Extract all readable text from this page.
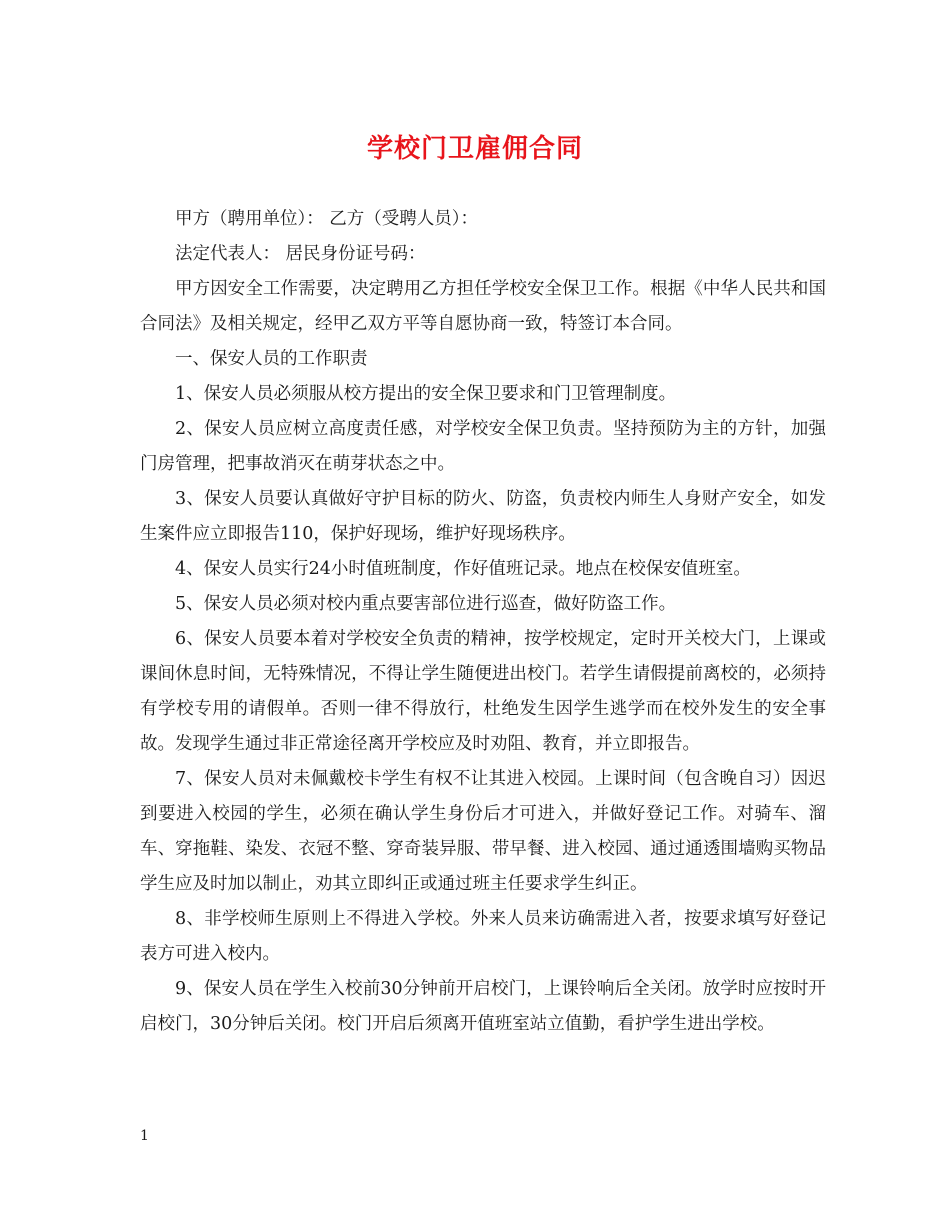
学校门卫雇佣合同

甲方（聘用单位）： 乙方（受聘人员）：

法定代表人： 居民身份证号码：

甲方因安全工作需要，决定聘用乙方担任学校安全保卫工作。根据《中华人民共和国合同法》及相关规定，经甲乙双方平等自愿协商一致，特签订本合同。

一、保安人员的工作职责

1、保安人员必须服从校方提出的安全保卫要求和门卫管理制度。

2、保安人员应树立高度责任感，对学校安全保卫负责。坚持预防为主的方针，加强门房管理，把事故消灭在萌芽状态之中。

3、保安人员要认真做好守护目标的防火、防盗，负责校内师生人身财产安全，如发生案件应立即报告110，保护好现场，维护好现场秩序。

4、保安人员实行24小时值班制度，作好值班记录。地点在校保安值班室。

5、保安人员必须对校内重点要害部位进行巡查，做好防盗工作。

6、保安人员要本着对学校安全负责的精神，按学校规定，定时开关校大门，上课或课间休息时间，无特殊情况，不得让学生随便进出校门。若学生请假提前离校的，必须持有学校专用的请假单。否则一律不得放行，杜绝发生因学生逃学而在校外发生的安全事故。发现学生通过非正常途径离开学校应及时劝阻、教育，并立即报告。

7、保安人员对未佩戴校卡学生有权不让其进入校园。上课时间（包含晚自习）因迟到要进入校园的学生，必须在确认学生身份后才可进入，并做好登记工作。对骑车、溜车、穿拖鞋、染发、衣冠不整、穿奇装异服、带早餐、进入校园、通过通透围墙购买物品学生应及时加以制止，劝其立即纠正或通过班主任要求学生纠正。

8、非学校师生原则上不得进入学校。外来人员来访确需进入者，按要求填写好登记表方可进入校内。

9、保安人员在学生入校前30分钟前开启校门，上课铃响后全关闭。放学时应按时开启校门，30分钟后关闭。校门开启后须离开值班室站立值勤，看护学生进出学校。

1
